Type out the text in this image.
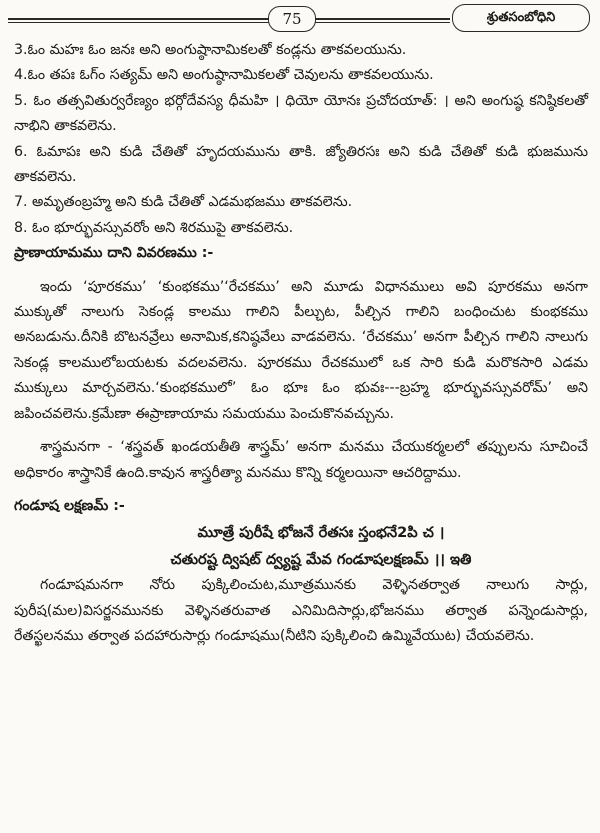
75	శ్రుతసంబోధిని

3.ఓం మహః ఓం జనః అని అంగుష్ఠానామికలతో కండ్లను తాకవలయును.

4.ఓం తపః ఓగ్ం సత్యమ్ అని అంగుష్ఠానామికలతో చెవులను తాకవలయును.

5. ఓం తత్సవితుర్వరేణ్యం భర్గోదేవస్య ధీమహి । ధియో యోనః ప్రచోదయాత్: । అని అంగుష్ఠ కనిష్ఠికలతో నాభిని తాకవలెను.

6. ఓమాపః అని కుడి చేతితో హృదయమును తాకి. జ్యోతిరసః అని కుడి చేతితో కుడి భుజమును తాకవలెను.

7. అమృతంబ్రహ్మ అని కుడి చేతితో ఎడమభజము తాకవలెను.

8. ఓం భూర్భువస్సువరోం అని శిరముపై తాకవలెను.

ప్రాణాయామము దాని వివరణము :-

ఇందు ‘పూరకము’ ‘కుంభకము’‘రేచకము’ అని మూడు విధానములు అవి పూరకము అనగా ముక్కుతో నాలుగు సెకండ్ల కాలము గాలిని పీల్చుట, పీల్చిన గాలిని బంధించుట కుంభకము అనబడును.దీనికి బొటనవ్రేలు అనామిక,కనిష్ఠవేలు వాడవలెను. ‘రేచకము’ అనగా పీల్చిన గాలిని నాలుగు సెకండ్ల కాలములోబయటకు వదలవలెను. పూరకము రేచకములో ఒక సారి కుడి మరొకసారి ఎడమ ముక్కులు మార్చవలెను.‘కుంభకములో’ ఓం భూః ఓం భువః---బ్రహ్మ భూర్భువస్సువరోమ్’ అని జపించవలెను.క్రమేణా ఈప్రాణాయామ సమయము పెంచుకొనవచ్చును.

శాస్త్రమనగా - ‘శస్త్రవత్ ఖండయతీతి శాస్త్రమ్’ అనగా మనము చేయుకర్మలలో తప్పులను సూచించే అధికారం శాస్త్రానికే ఉంది.కావున శాస్త్రరీత్యా మనము కొన్ని కర్మలయినా ఆచరిద్దాము.

గండూష లక్షణమ్ :-

మూత్రే పురీషే భోజనే రేతసః స్తంభనే2పి చ ।

చతురష్ట ద్విషట్ ద్వ్యష్ట మేవ గండూషలక్షణమ్ ।। ఇతి

గండూషమనగా నోరు పుక్కిలించుట,మూత్రమునకు వెళ్ళినతర్వాత నాలుగు సార్లు, పురీష(మల)విసర్జనమునకు వెళ్ళినతరువాత ఎనిమిదిసార్లు,భోజనము తర్వాత పన్నెండుసార్లు, రేతస్ఖలనము తర్వాత పదహారుసార్లు గండూషము(నీటిని పుక్కిలించి ఉమ్మివేయుట) చేయవలెను.
